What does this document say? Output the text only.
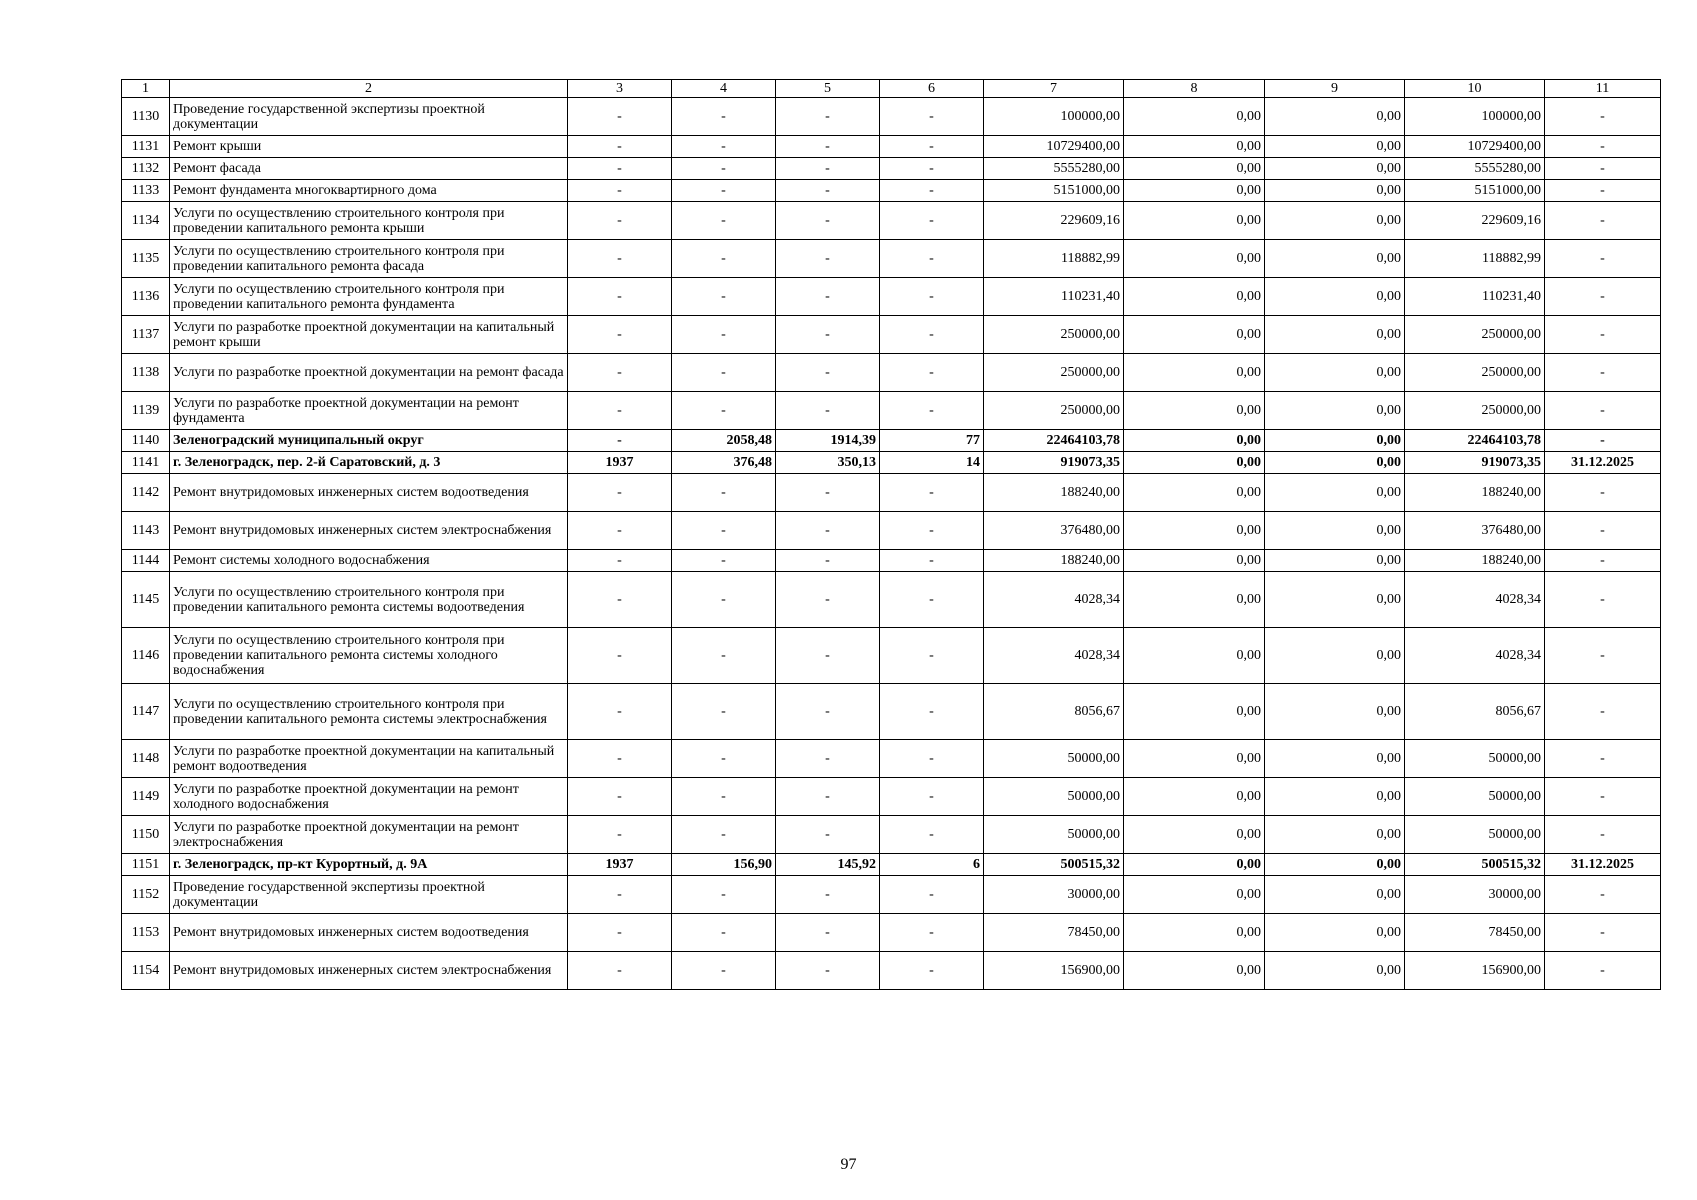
1	2	3	4	5	6	7	8	9	10	11
1130	Проведение государственной экспертизы проектной документации	-	-	-	-	100000,00	0,00	0,00	100000,00	-
1131	Ремонт крыши	-	-	-	-	10729400,00	0,00	0,00	10729400,00	-
1132	Ремонт фасада	-	-	-	-	5555280,00	0,00	0,00	5555280,00	-
1133	Ремонт фундамента многоквартирного дома	-	-	-	-	5151000,00	0,00	0,00	5151000,00	-
1134	Услуги по осуществлению строительного контроля при проведении капитального ремонта крыши	-	-	-	-	229609,16	0,00	0,00	229609,16	-
1135	Услуги по осуществлению строительного контроля при проведении капитального ремонта фасада	-	-	-	-	118882,99	0,00	0,00	118882,99	-
1136	Услуги по осуществлению строительного контроля при проведении капитального ремонта фундамента	-	-	-	-	110231,40	0,00	0,00	110231,40	-
1137	Услуги по разработке проектной документации на капитальный ремонт крыши	-	-	-	-	250000,00	0,00	0,00	250000,00	-
1138	Услуги по разработке проектной документации на ремонт фасада	-	-	-	-	250000,00	0,00	0,00	250000,00	-
1139	Услуги по разработке проектной документации на ремонт фундамента	-	-	-	-	250000,00	0,00	0,00	250000,00	-
1140	Зеленоградский муниципальный округ	-	2058,48	1914,39	77	22464103,78	0,00	0,00	22464103,78	-
1141	г. Зеленоградск, пер. 2-й Саратовский, д. 3	1937	376,48	350,13	14	919073,35	0,00	0,00	919073,35	31.12.2025
1142	Ремонт внутридомовых инженерных систем водоотведения	-	-	-	-	188240,00	0,00	0,00	188240,00	-
1143	Ремонт внутридомовых инженерных систем электроснабжения	-	-	-	-	376480,00	0,00	0,00	376480,00	-
1144	Ремонт системы холодного водоснабжения	-	-	-	-	188240,00	0,00	0,00	188240,00	-
1145	Услуги по осуществлению строительного контроля при проведении капитального ремонта системы водоотведения	-	-	-	-	4028,34	0,00	0,00	4028,34	-
1146	Услуги по осуществлению строительного контроля при проведении капитального ремонта системы холодного водоснабжения	-	-	-	-	4028,34	0,00	0,00	4028,34	-
1147	Услуги по осуществлению строительного контроля при проведении капитального ремонта системы электроснабжения	-	-	-	-	8056,67	0,00	0,00	8056,67	-
1148	Услуги по разработке проектной документации на капитальный ремонт водоотведения	-	-	-	-	50000,00	0,00	0,00	50000,00	-
1149	Услуги по разработке проектной документации на ремонт холодного водоснабжения	-	-	-	-	50000,00	0,00	0,00	50000,00	-
1150	Услуги по разработке проектной документации на ремонт электроснабжения	-	-	-	-	50000,00	0,00	0,00	50000,00	-
1151	г. Зеленоградск, пр-кт Курортный, д. 9А	1937	156,90	145,92	6	500515,32	0,00	0,00	500515,32	31.12.2025
1152	Проведение государственной экспертизы проектной документации	-	-	-	-	30000,00	0,00	0,00	30000,00	-
1153	Ремонт внутридомовых инженерных систем водоотведения	-	-	-	-	78450,00	0,00	0,00	78450,00	-
1154	Ремонт внутридомовых инженерных систем электроснабжения	-	-	-	-	156900,00	0,00	0,00	156900,00	-
97
